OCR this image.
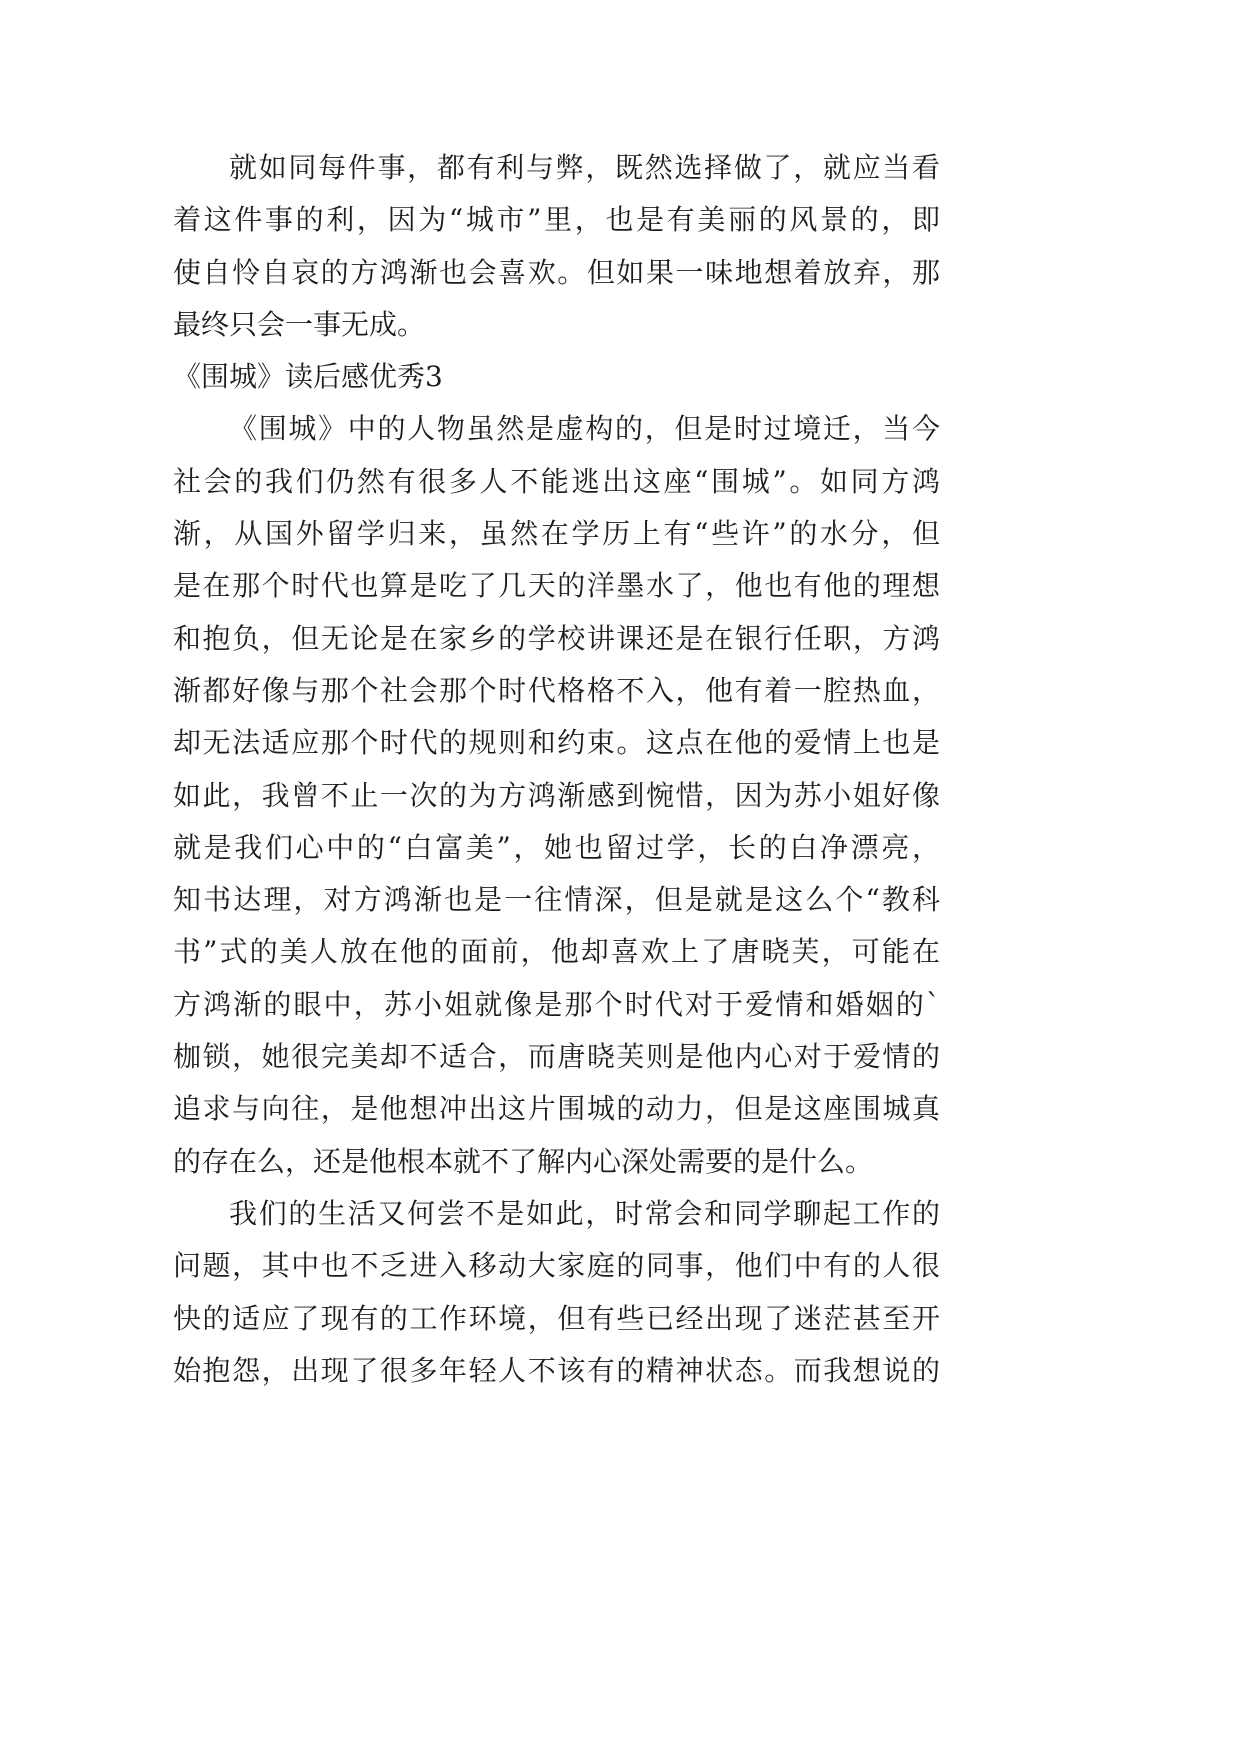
就如同每件事，都有利与弊，既然选择做了，就应当看
着这件事的利，因为“城市”里，也是有美丽的风景的，即
使自怜自哀的方鸿渐也会喜欢。但如果一味地想着放弃，那
最终只会一事无成。
《围城》读后感优秀3
《围城》中的人物虽然是虚构的，但是时过境迁，当今
社会的我们仍然有很多人不能逃出这座“围城”。如同方鸿
渐，从国外留学归来，虽然在学历上有“些许”的水分，但
是在那个时代也算是吃了几天的洋墨水了，他也有他的理想
和抱负，但无论是在家乡的学校讲课还是在银行任职，方鸿
渐都好像与那个社会那个时代格格不入，他有着一腔热血，
却无法适应那个时代的规则和约束。这点在他的爱情上也是
如此，我曾不止一次的为方鸿渐感到惋惜，因为苏小姐好像
就是我们心中的“白富美”，她也留过学，长的白净漂亮，
知书达理，对方鸿渐也是一往情深，但是就是这么个“教科
书”式的美人放在他的面前，他却喜欢上了唐晓芙，可能在
方鸿渐的眼中，苏小姐就像是那个时代对于爱情和婚姻的`
枷锁，她很完美却不适合，而唐晓芙则是他内心对于爱情的
追求与向往，是他想冲出这片围城的动力，但是这座围城真
的存在么，还是他根本就不了解内心深处需要的是什么。
我们的生活又何尝不是如此，时常会和同学聊起工作的
问题，其中也不乏进入移动大家庭的同事，他们中有的人很
快的适应了现有的工作环境，但有些已经出现了迷茫甚至开
始抱怨，出现了很多年轻人不该有的精神状态。而我想说的
